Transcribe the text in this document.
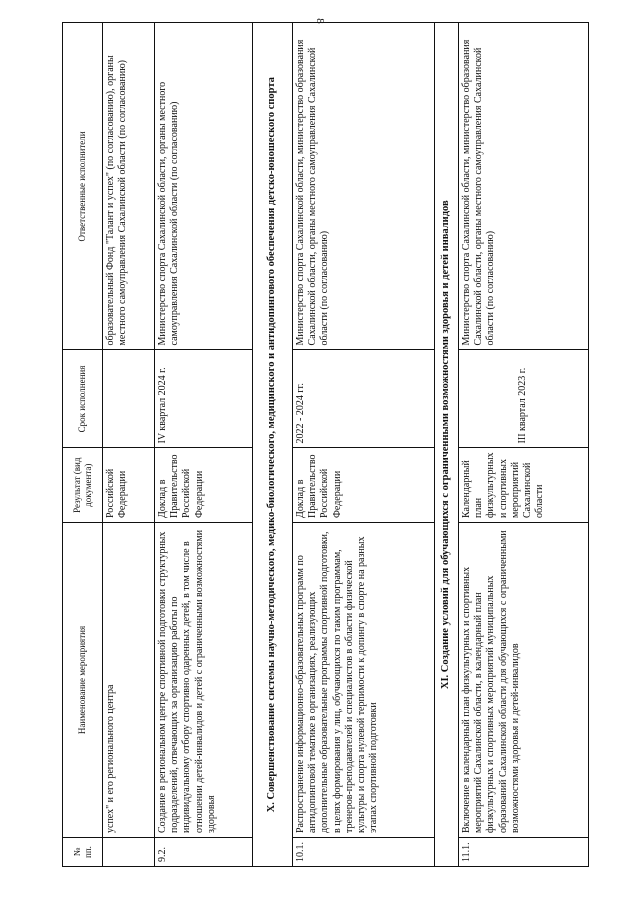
8
№ пп.	Наименование мероприятия	Результат (вид документа)	Срок исполнения	Ответственные исполнители
	успех" и его регионального центра	Российской Федерации		образовательный Фонд "Талант и успех" (по согласованию), органы местного самоуправления Сахалинской области (по согласованию)
9.2.	Создание в региональном центре спортивной подготовки структурных подразделений, отвечающих за организацию работы по индивидуальному отбору спортивно одаренных детей, в том числе в отношении детей-инвалидов и детей с ограниченными возможностями здоровья	Доклад в Правительство Российской Федерации	IV квартал 2024 г.	Министерство спорта Сахалинской области, органы местного самоуправления Сахалинской области (по согласованию)
X. Совершенствование системы научно-методического, медико-биологического, медицинского и антидопингового обеспечения детско-юношеского спорта				
10.1.	Распространение информационно-образовательных программ по антидопинговой тематике в организациях, реализующих дополнительные образовательные программы спортивной подготовки, в целях формирования у лиц, обучающихся по таким программам, тренеров-преподавателей и специалистов в области физической культуры и спорта нулевой терпимости к допингу в спорте на разных этапах спортивной подготовки	Доклад в Правительство Российской Федерации	2022 - 2024 гг.	Министерство спорта Сахалинской области, министерство образования Сахалинской области, органы местного самоуправления Сахалинской области (по согласованию)
XI. Создание условий для обучающихся с ограниченными возможностями здоровья и детей инвалидов				
11.1.	Включение в календарный план физкультурных и спортивных мероприятий Сахалинской области, в календарный план физкультурных и спортивных мероприятий муниципальных образований Сахалинской области для обучающихся с ограниченными возможностями здоровья и детей-инвалидов	Календарный план физкультурных и спортивных мероприятий Сахалинской области	III квартал 2023 г.	Министерство спорта Сахалинской области, министерство образования Сахалинской области, органы местного самоуправления Сахалинской области (по согласованию)
